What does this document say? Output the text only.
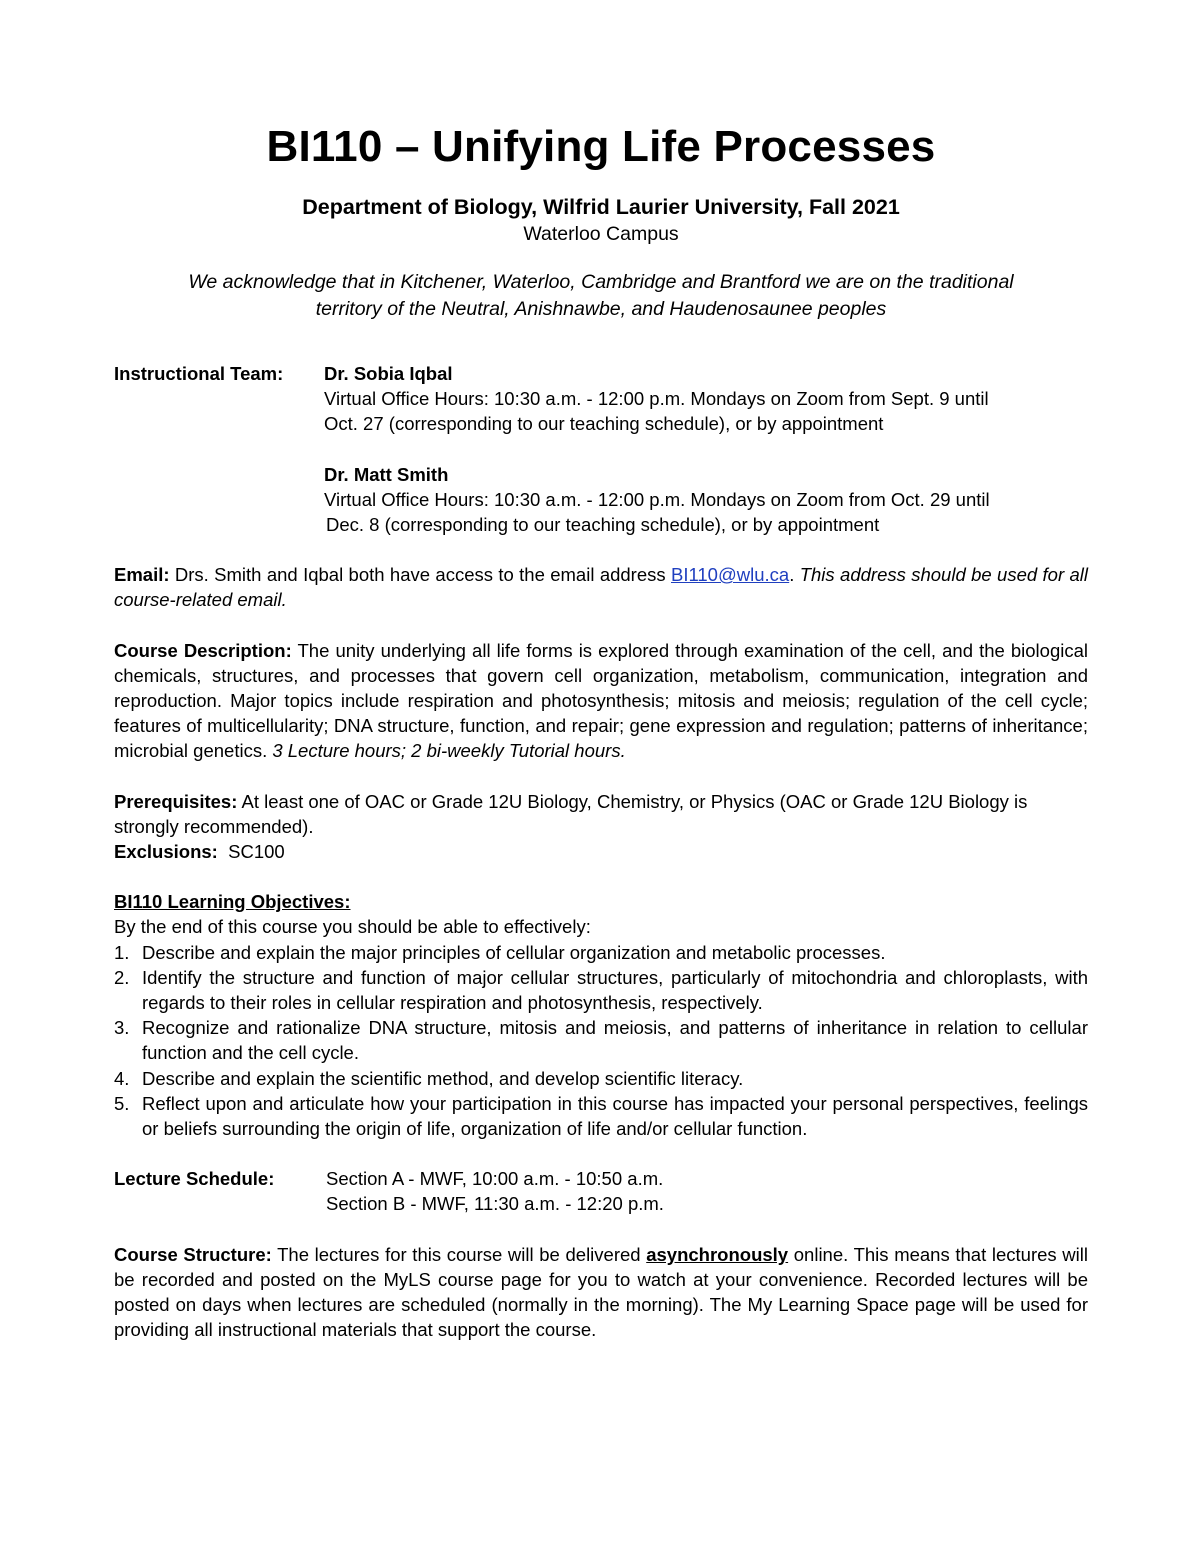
BI110 – Unifying Life Processes

Department of Biology, Wilfrid Laurier University, Fall 2021

Waterloo Campus

We acknowledge that in Kitchener, Waterloo, Cambridge and Brantford we are on the traditional
territory of the Neutral, Anishnawbe, and Haudenosaunee peoples

Instructional Team:	Dr. Sobia Iqbal
Virtual Office Hours: 10:30 a.m. - 12:00 p.m. Mondays on Zoom from Sept. 9 until
Oct. 27 (corresponding to our teaching schedule), or by appointment
Dr. Matt Smith
Virtual Office Hours: 10:30 a.m. - 12:00 p.m. Mondays on Zoom from Oct. 29 until
Dec. 8 (corresponding to our teaching schedule), or by appointment
Email: Drs. Smith and Iqbal both have access to the email address BI110@wlu.ca. This address should be used for all course-related email.
Course Description: The unity underlying all life forms is explored through examination of the cell, and the biological chemicals, structures, and processes that govern cell organization, metabolism, communication, integration and reproduction. Major topics include respiration and photosynthesis; mitosis and meiosis; regulation of the cell cycle; features of multicellularity; DNA structure, function, and repair; gene expression and regulation; patterns of inheritance; microbial genetics. 3 Lecture hours; 2 bi-weekly Tutorial hours.
Prerequisites: At least one of OAC or Grade 12U Biology, Chemistry, or Physics (OAC or Grade 12U Biology is strongly recommended).
Exclusions:  SC100
BI110 Learning Objectives:
By the end of this course you should be able to effectively:
1. Describe and explain the major principles of cellular organization and metabolic processes.
2. Identify the structure and function of major cellular structures, particularly of mitochondria and chloroplasts, with regards to their roles in cellular respiration and photosynthesis, respectively.
3. Recognize and rationalize DNA structure, mitosis and meiosis, and patterns of inheritance in relation to cellular function and the cell cycle.
4. Describe and explain the scientific method, and develop scientific literacy.
5. Reflect upon and articulate how your participation in this course has impacted your personal perspectives, feelings or beliefs surrounding the origin of life, organization of life and/or cellular function.
Lecture Schedule:	Section A - MWF, 10:00 a.m. - 10:50 a.m.
Section B - MWF, 11:30 a.m. - 12:20 p.m.
Course Structure: The lectures for this course will be delivered asynchronously online. This means that lectures will be recorded and posted on the MyLS course page for you to watch at your convenience. Recorded lectures will be posted on days when lectures are scheduled (normally in the morning). The My Learning Space page will be used for providing all instructional materials that support the course.
